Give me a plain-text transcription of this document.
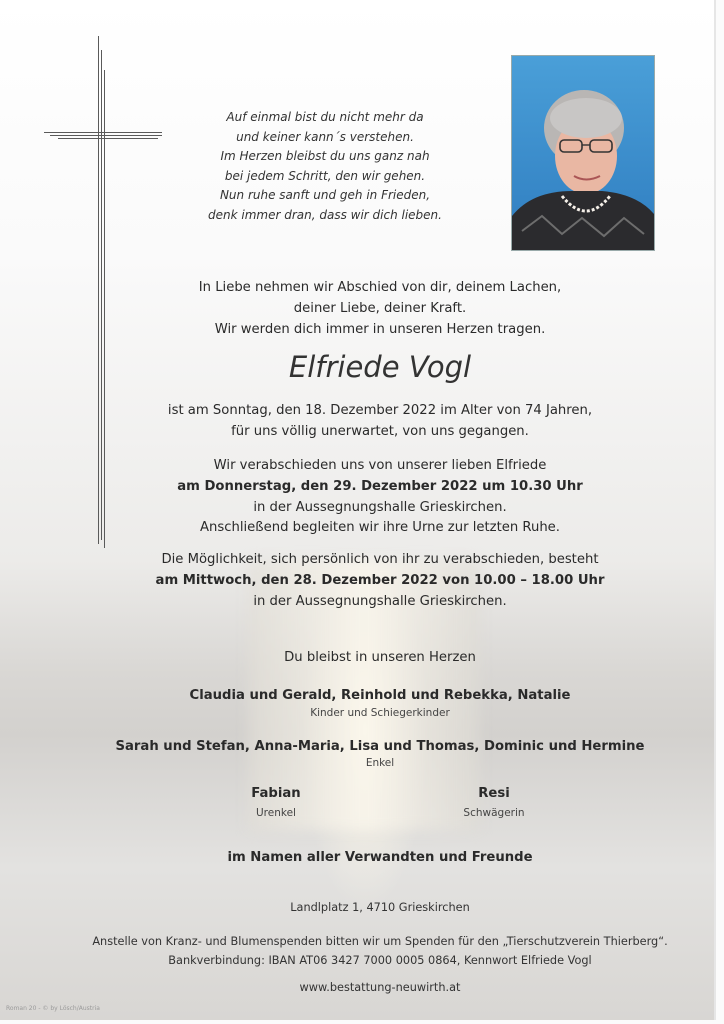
Auf einmal bist du nicht mehr da
und keiner kann´s verstehen.
Im Herzen bleibst du uns ganz nah
bei jedem Schritt, den wir gehen.
Nun ruhe sanft und geh in Frieden,
denk immer dran, dass wir dich lieben.
In Liebe nehmen wir Abschied von dir, deinem Lachen,
deiner Liebe, deiner Kraft.
Wir werden dich immer in unseren Herzen tragen.
Elfriede Vogl
ist am Sonntag, den 18. Dezember 2022 im Alter von 74 Jahren,
für uns völlig unerwartet, von uns gegangen.
Wir verabschieden uns von unserer lieben Elfriede
am Donnerstag, den 29. Dezember 2022 um 10.30 Uhr
in der Aussegnungshalle Grieskirchen.
Anschließend begleiten wir ihre Urne zur letzten Ruhe.
Die Möglichkeit, sich persönlich von ihr zu verabschieden, besteht
am Mittwoch, den 28. Dezember 2022 von 10.00 – 18.00 Uhr
in der Aussegnungshalle Grieskirchen.
Du bleibst in unseren Herzen
Claudia und Gerald, Reinhold und Rebekka, Natalie
Kinder und Schiegerkinder
Sarah und Stefan, Anna-Maria, Lisa und Thomas, Dominic und Hermine
Enkel
Fabian
Urenkel
Resi
Schwägerin
im Namen aller Verwandten und Freunde
Landlplatz 1, 4710 Grieskirchen
Anstelle von Kranz- und Blumenspenden bitten wir um Spenden für den „Tierschutzverein Thierberg“.
Bankverbindung: IBAN AT06 3427 7000 0005 0864, Kennwort Elfriede Vogl
www.bestattung-neuwirth.at
Roman 20 - © by Lösch/Austria
